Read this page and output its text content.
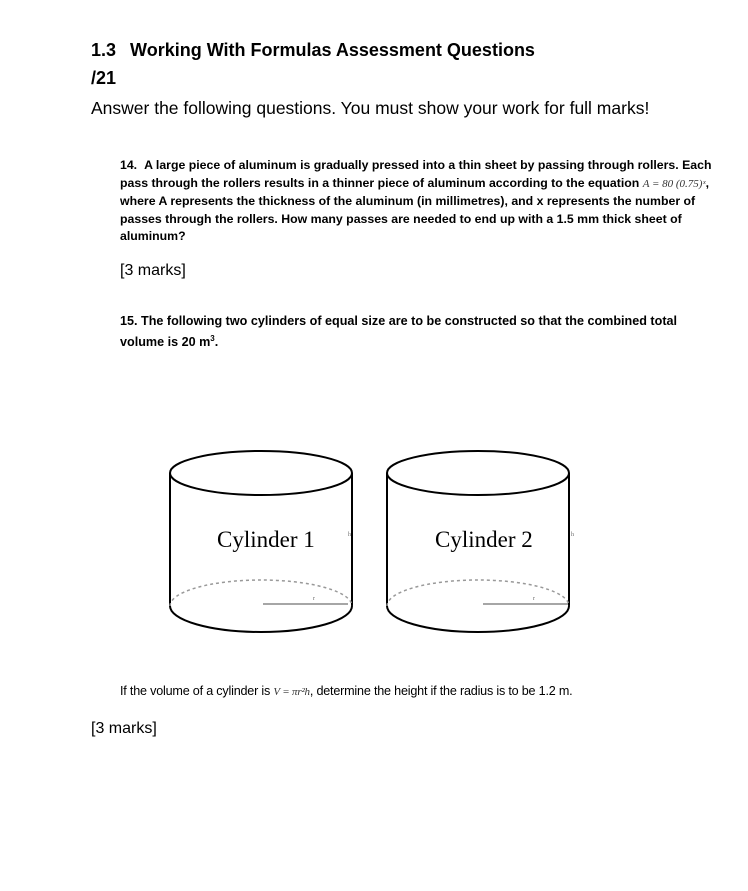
1.3 Working With Formulas Assessment Questions
/21
Answer the following questions. You must show your work for full marks!
14. A large piece of aluminum is gradually pressed into a thin sheet by passing through rollers. Each pass through the rollers results in a thinner piece of aluminum according to the equation A = 80 (0.75)ˣ, where A represents the thickness of the aluminum (in millimetres), and x represents the number of passes through the rollers. How many passes are needed to end up with a 1.5 mm thick sheet of aluminum?
[3 marks]
15. The following two cylinders of equal size are to be constructed so that the combined total volume is 20 $m^3$.
Cylinder 1	h
r
Cylinder 2	h
r
If the volume of a cylinder is V = πr²h, determine the height if the radius is to be 1.2 m.
[3 marks]
